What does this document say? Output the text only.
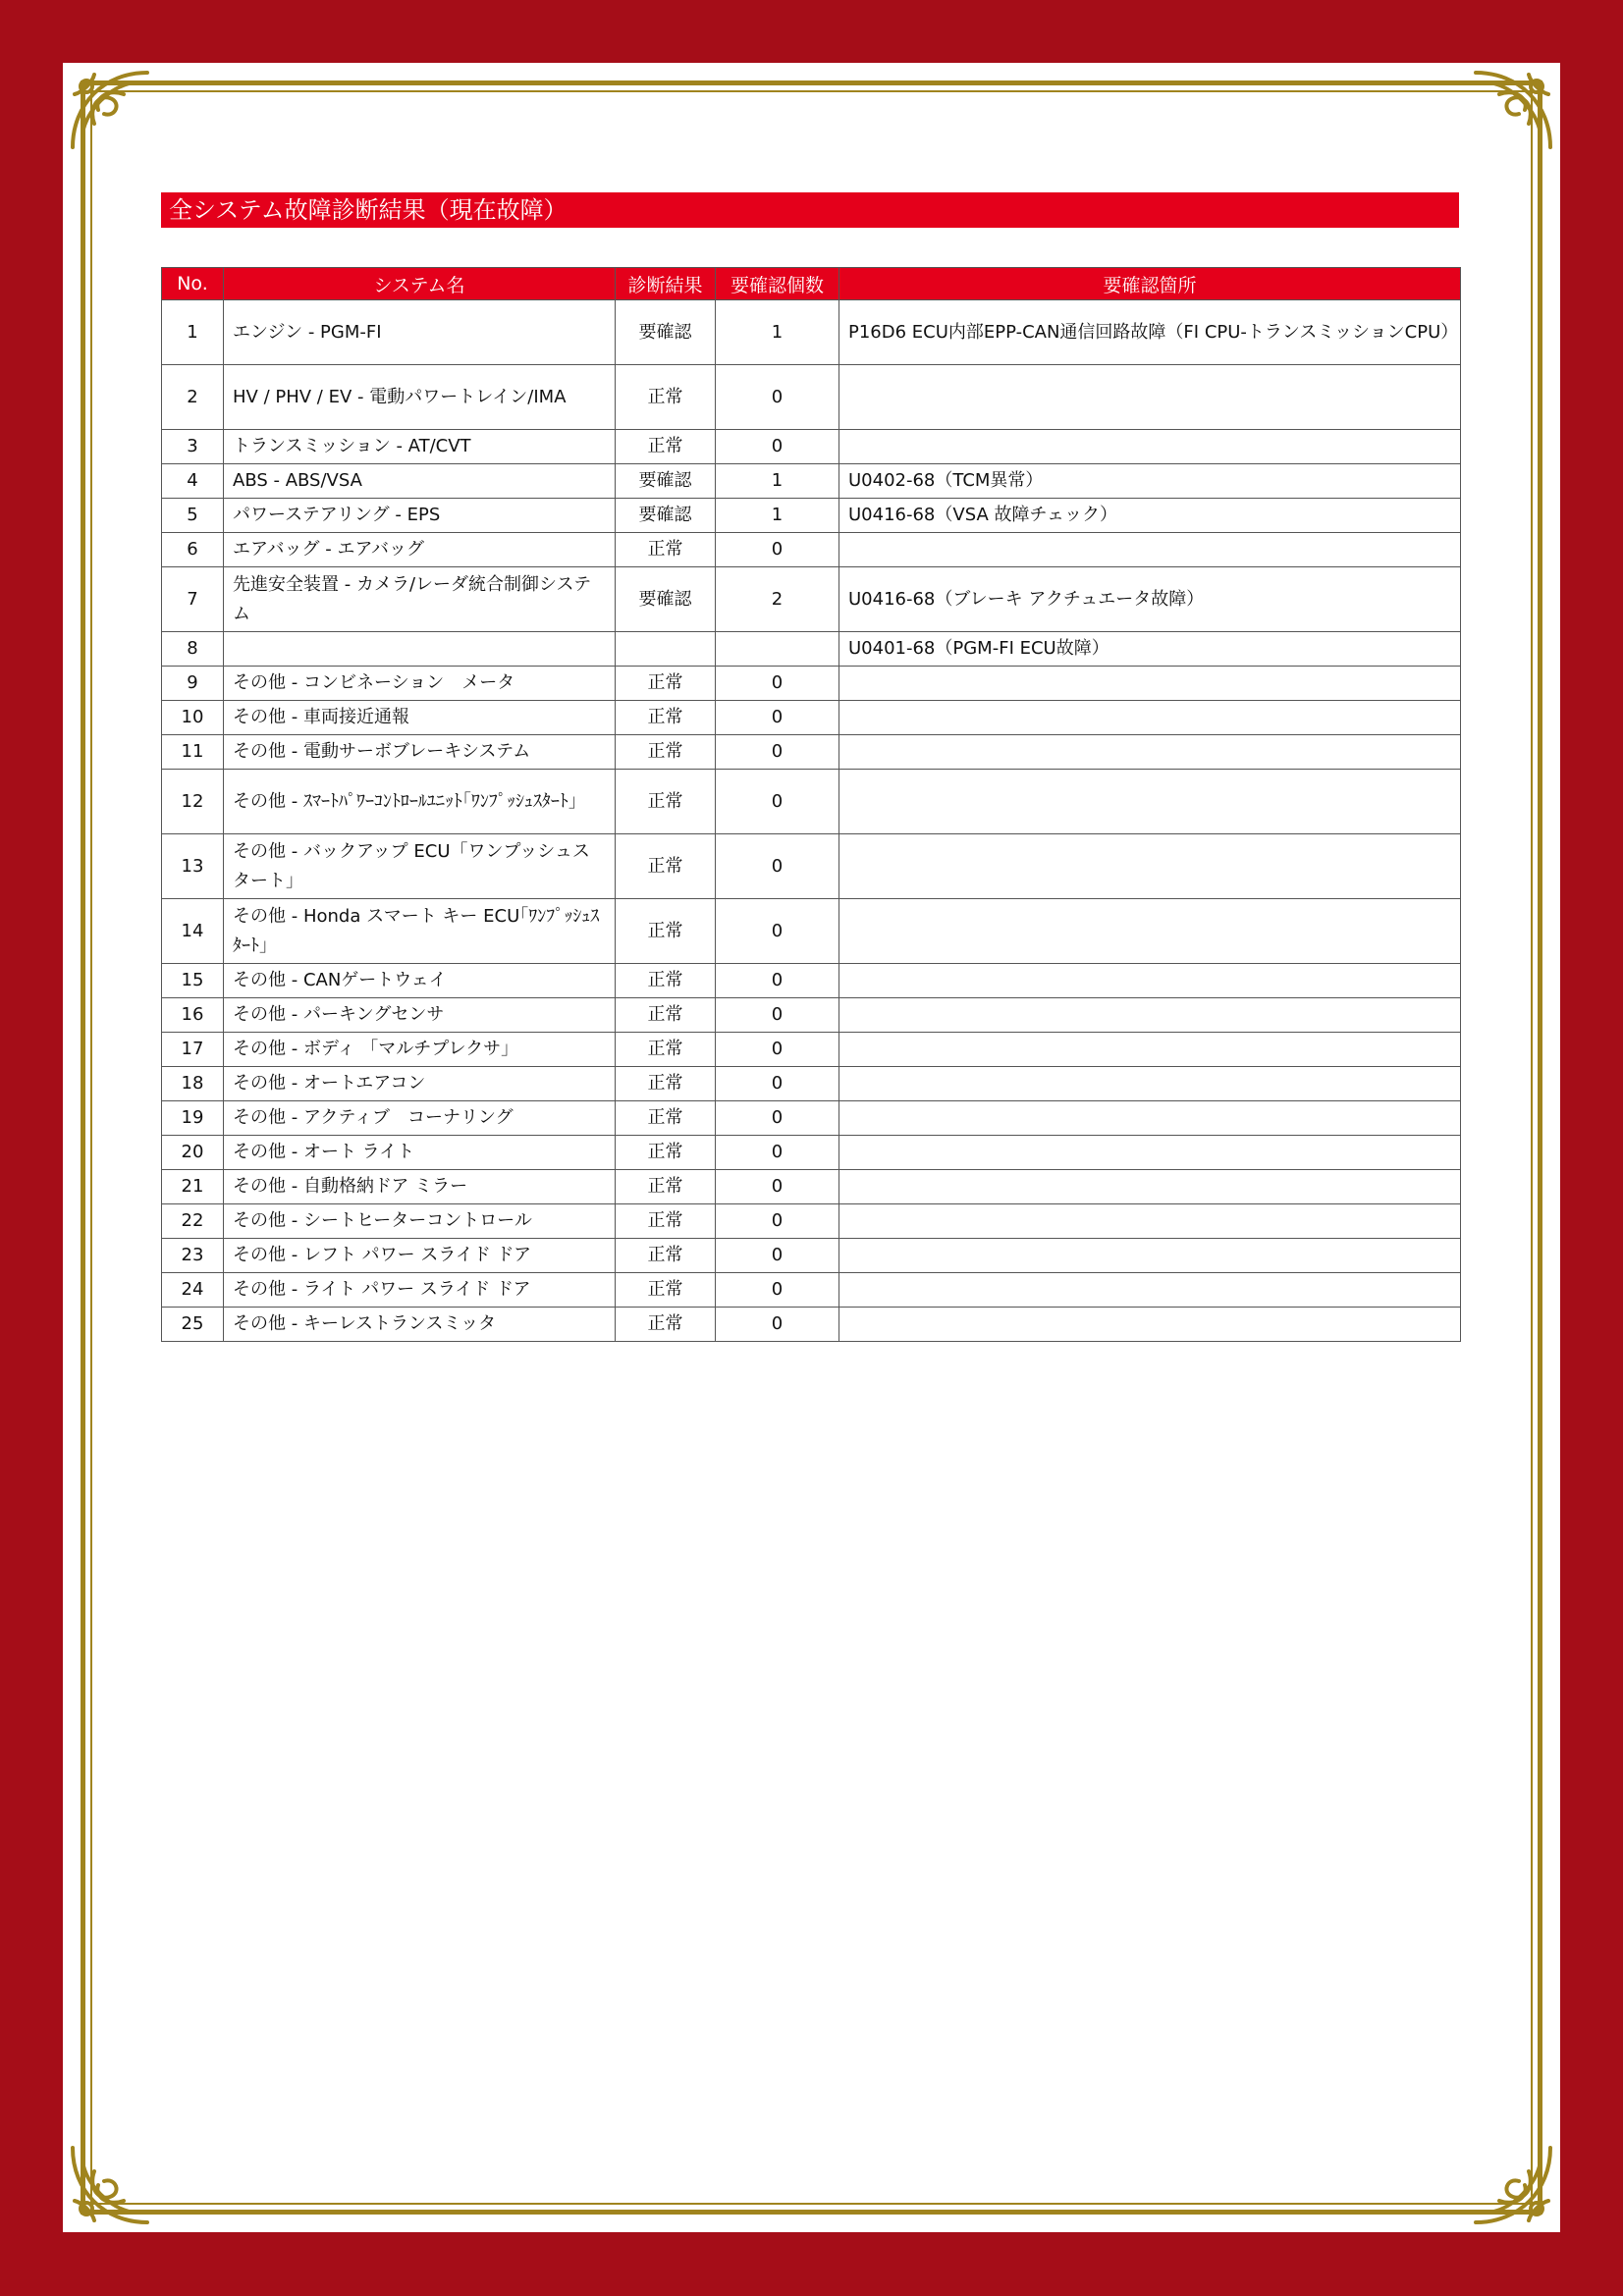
全システム故障診断結果（現在故障）
No.	システム名	診断結果	要確認個数	要確認箇所
1	エンジン - PGM-FI	要確認	1	P16D6 ECU内部EPP-CAN通信回路故障（FI CPU-トランスミッションCPU）
2	HV / PHV / EV - 電動パワートレイン/IMA	正常	0	
3	トランスミッション - AT/CVT	正常	0	
4	ABS - ABS/VSA	要確認	1	U0402-68（TCM異常）
5	パワーステアリング - EPS	要確認	1	U0416-68（VSA 故障チェック）
6	エアバッグ - エアバッグ	正常	0	
7	先進安全装置 - カメラ/レーダ統合制御システム	要確認	2	U0416-68（ブレーキ アクチュエータ故障）
8				U0401-68（PGM-FI ECU故障）
9	その他 - コンビネーション　メータ	正常	0	
10	その他 - 車両接近通報	正常	0	
11	その他 - 電動サーボブレーキシステム	正常	0	
12	その他 - ｽﾏｰﾄﾊﾟﾜｰｺﾝﾄﾛｰﾙﾕﾆｯﾄ｢ﾜﾝﾌﾟｯｼｭｽﾀｰﾄ｣	正常	0	
13	その他 - バックアップ ECU「ワンプッシュスタート」	正常	0	
14	その他 - Honda スマート キー ECU｢ﾜﾝﾌﾟｯｼｭｽﾀｰﾄ｣	正常	0	
15	その他 - CANゲートウェイ	正常	0	
16	その他 - パーキングセンサ	正常	0	
17	その他 - ボディ 「マルチプレクサ」	正常	0	
18	その他 - オートエアコン	正常	0	
19	その他 - アクティブ　コーナリング	正常	0	
20	その他 - オート ライト	正常	0	
21	その他 - 自動格納ドア ミラー	正常	0	
22	その他 - シートヒーターコントロール	正常	0	
23	その他 - レフト パワー スライド ドア	正常	0	
24	その他 - ライト パワー スライド ドア	正常	0	
25	その他 - キーレストランスミッタ	正常	0	
